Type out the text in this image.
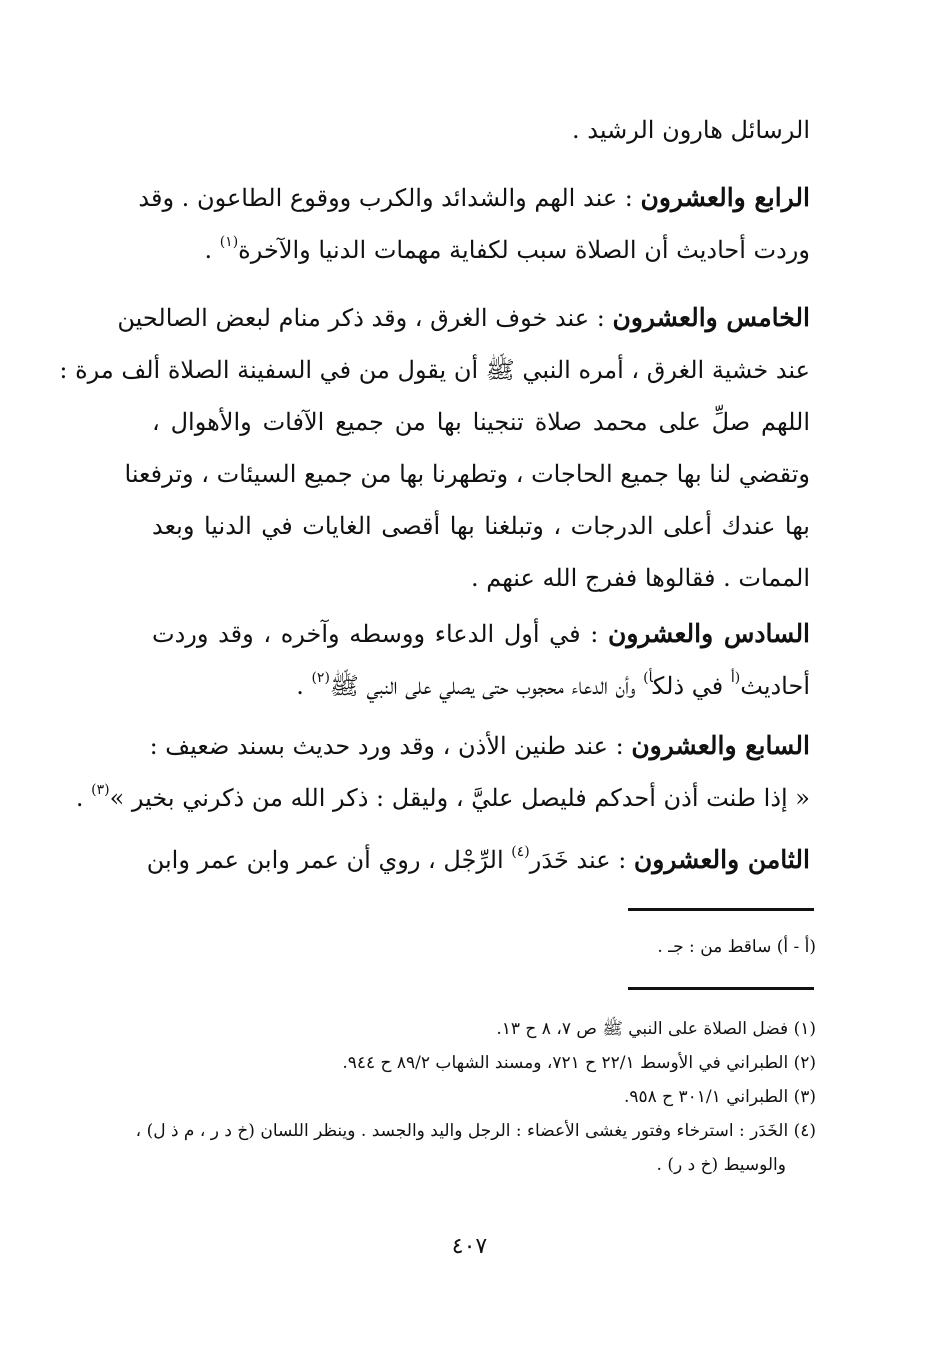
الرسائل هارون الرشيد .
الرابع والعشرون : عند الهم والشدائد والكرب ووقوع الطاعون . وقد
وردت أحاديث أن الصلاة سبب لكفاية مهمات الدنيا والآخرة$^{(١)}$ .
الخامس والعشرون : عند خوف الغرق ، وقد ذكر منام لبعض الصالحين
عند خشية الغرق ، أمره النبي ﷺ أن يقول من في السفينة الصلاة ألف مرة :
اللهم صلِّ على محمد صلاة تنجينا بها من جميع الآفات والأهوال ،
وتقضي لنا بها جميع الحاجات ، وتطهرنا بها من جميع السيئات ، وترفعنا
بها عندك أعلى الدرجات ، وتبلغنا بها أقصى الغايات في الدنيا وبعد
الممات . فقالوها ففرج الله عنهم .
السادس والعشرون : في أول الدعاء ووسطه وآخره ، وقد وردت
أحاديث$^{(أ}$ في ذلك$^{أ)}$ وأن الدعاء محجوب حتى يصلي على النبي ﷺ$^{(٢)}$ .
السابع والعشرون : عند طنين الأذن ، وقد ورد حديث بسند ضعيف :
« إذا طنت أذن أحدكم فليصل عليَّ ، وليقل : ذكر الله من ذكرني بخير »$^{(٣)}$ .
الثامن والعشرون : عند خَدَر$^{(٤)}$ الرِّجْل ، روي أن عمر وابن عمر وابن
(أ - أ) ساقط من : جـ .
(١) فضل الصلاة على النبي ﷺ ص ٧، ٨ ح ١٣.
(٢) الطبراني في الأوسط ٢٢/١ ح ٧٢١، ومسند الشهاب ٨٩/٢ ح ٩٤٤.
(٣) الطبراني ٣٠١/١ ح ٩٥٨.
(٤) الخَدَر : استرخاء وفتور يغشى الأعضاء : الرجل واليد والجسد . وينظر اللسان (خ د ر ، م ذ ل) ،
والوسيط (خ د ر) .
٤٠٧
